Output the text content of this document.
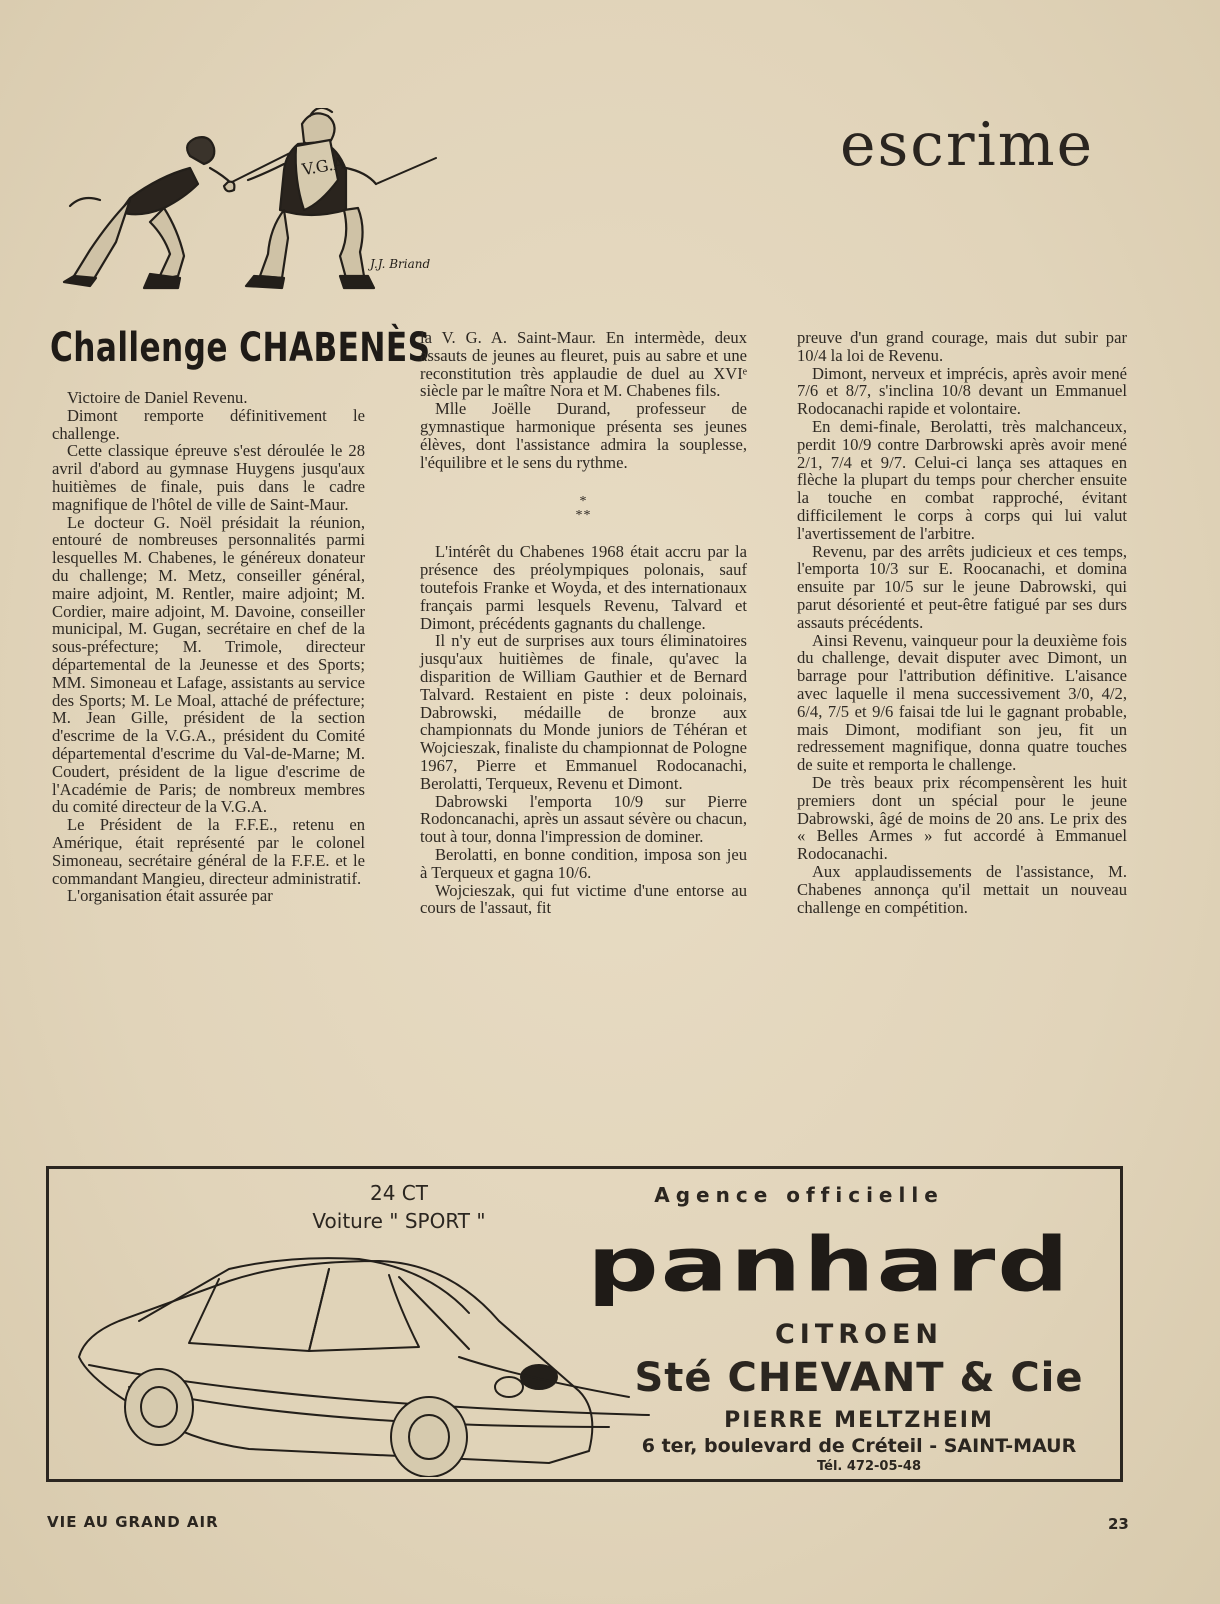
V.G.A
J.J. Briand
escrime
Challenge CHABENÈS

Victoire de Daniel Revenu.

Dimont remporte définitivement le challenge.

Cette classique épreuve s'est déroulée le 28 avril d'abord au gymnase Huygens jusqu'aux huitièmes de finale, puis dans le cadre magnifique de l'hôtel de ville de Saint-Maur.

Le docteur G. Noël présidait la réunion, entouré de nombreuses personnalités parmi lesquelles M. Chabenes, le généreux donateur du challenge; M. Metz, conseiller général, maire adjoint, M. Rentler, maire adjoint; M. Cordier, maire adjoint, M. Davoine, conseiller municipal, M. Gugan, secrétaire en chef de la sous-préfecture; M. Trimole, directeur départemental de la Jeunesse et des Sports; MM. Simoneau et Lafage, assistants au service des Sports; M. Le Moal, attaché de préfecture; M. Jean Gille, président de la section d'escrime de la V.G.A., président du Comité départemental d'escrime du Val-de-Marne; M. Coudert, président de la ligue d'escrime de l'Académie de Paris; de nombreux membres du comité directeur de la V.G.A.

Le Président de la F.F.E., retenu en Amérique, était représenté par le colonel Simoneau, secrétaire général de la F.F.E. et le commandant Mangieu, directeur administratif.

L'organisation était assurée par

la V. G. A. Saint-Maur. En intermède, deux assauts de jeunes au fleuret, puis au sabre et une reconstitution très applaudie de duel au XVIᵉ siècle par le maître Nora et M. Chabenes fils.

Mlle Joëlle Durand, professeur de gymnastique harmonique présenta ses jeunes élèves, dont l'assistance admira la souplesse, l'équilibre et le sens du rythme.

*
**

L'intérêt du Chabenes 1968 était accru par la présence des préolympiques polonais, sauf toutefois Franke et Woyda, et des internationaux français parmi lesquels Revenu, Talvard et Dimont, précédents gagnants du challenge.

Il n'y eut de surprises aux tours éliminatoires jusqu'aux huitièmes de finale, qu'avec la disparition de William Gauthier et de Bernard Talvard. Restaient en piste : deux poloinais, Dabrowski, médaille de bronze aux championnats du Monde juniors de Téhéran et Wojcieszak, finaliste du championnat de Pologne 1967, Pierre et Emmanuel Rodocanachi, Berolatti, Terqueux, Revenu et Dimont.

Dabrowski l'emporta 10/9 sur Pierre Rodoncanachi, après un assaut sévère ou chacun, tout à tour, donna l'impression de dominer.

Berolatti, en bonne condition, imposa son jeu à Terqueux et gagna 10/6.

Wojcieszak, qui fut victime d'une entorse au cours de l'assaut, fit

preuve d'un grand courage, mais dut subir par 10/4 la loi de Revenu.

Dimont, nerveux et imprécis, après avoir mené 7/6 et 8/7, s'inclina 10/8 devant un Emmanuel Rodocanachi rapide et volontaire.

En demi-finale, Berolatti, très malchanceux, perdit 10/9 contre Darbrowski après avoir mené 2/1, 7/4 et 9/7. Celui-ci lança ses attaques en flèche la plupart du temps pour chercher ensuite la touche en combat rapproché, évitant difficilement le corps à corps qui lui valut l'avertissement de l'arbitre.

Revenu, par des arrêts judicieux et ces temps, l'emporta 10/3 sur E. Roocanachi, et domina ensuite par 10/5 sur le jeune Dabrowski, qui parut désorienté et peut-être fatigué par ses durs assauts précédents.

Ainsi Revenu, vainqueur pour la deuxième fois du challenge, devait disputer avec Dimont, un barrage pour l'attribution définitive. L'aisance avec laquelle il mena successivement 3/0, 4/2, 6/4, 7/5 et 9/6 faisai tde lui le gagnant probable, mais Dimont, modifiant son jeu, fit un redressement magnifique, donna quatre touches de suite et remporta le challenge.

De très beaux prix récompensèrent les huit premiers dont un spécial pour le jeune Dabrowski, âgé de moins de 20 ans. Le prix des « Belles Armes » fut accordé à Emmanuel Rodocanachi.

Aux applaudissements de l'assistance, M. Chabenes annonça qu'il mettait un nouveau challenge en compétition.

24 CT
Voiture " SPORT "
Agence officielle
panhard
CITROEN
Sté CHEVANT & Cie
PIERRE MELTZHEIM
6 ter, boulevard de Créteil - SAINT-MAUR
Tél. 472-05-48
VIE AU GRAND AIR	23
